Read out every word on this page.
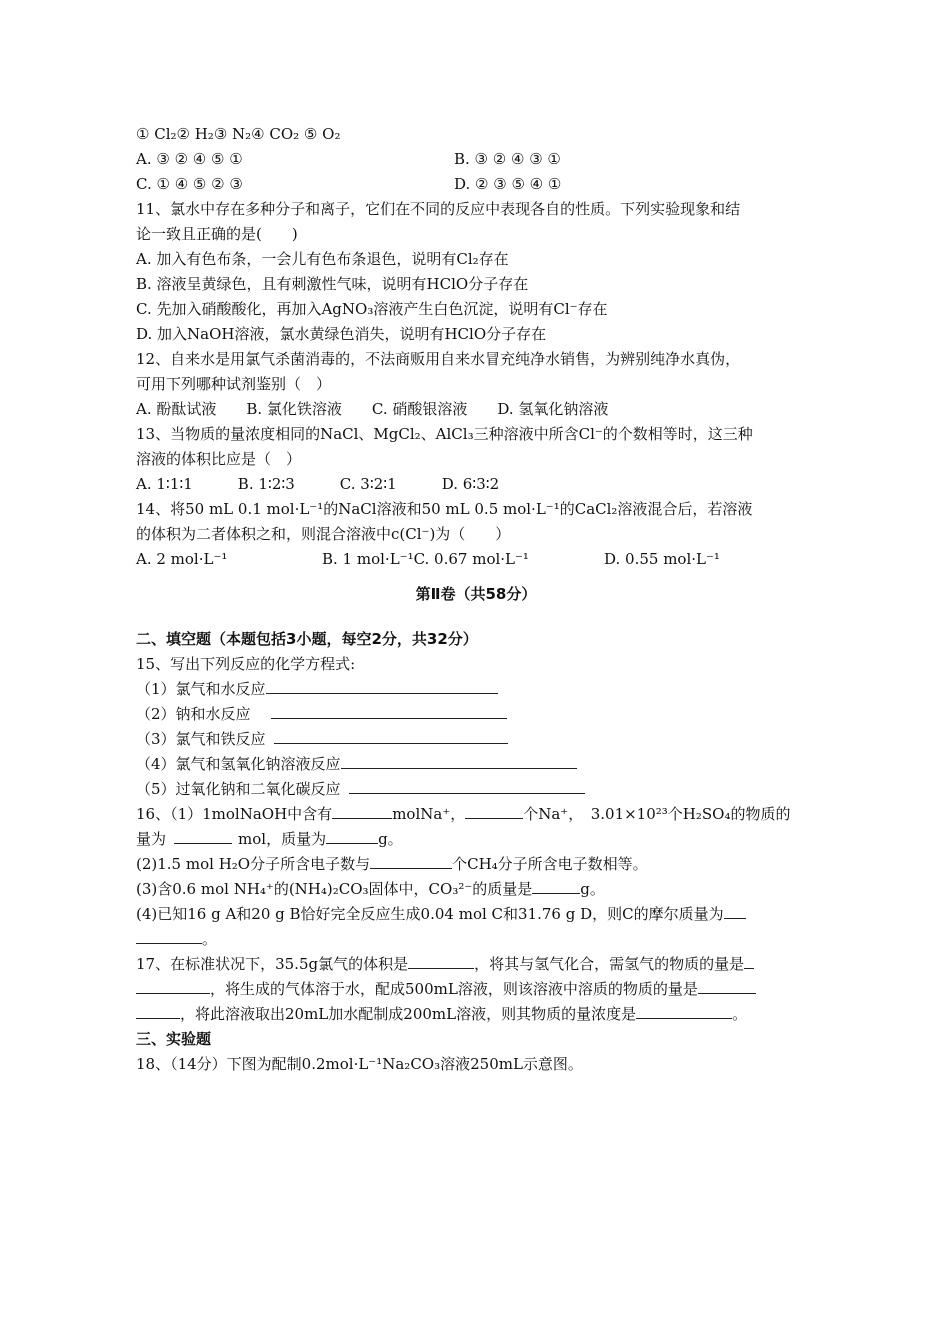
① Cl₂② H₂③ N₂④ CO₂ ⑤ O₂
A. ③ ② ④ ⑤ ①	B. ③ ② ④ ③ ①
C. ① ④ ⑤ ② ③	D. ② ③ ⑤ ④ ①
11、氯水中存在多种分子和离子，它们在不同的反应中表现各自的性质。下列实验现象和结
论一致且正确的是(　　)
A. 加入有色布条，一会儿有色布条退色，说明有Cl₂存在
B. 溶液呈黄绿色，且有刺激性气味，说明有HClO分子存在
C. 先加入硝酸酸化，再加入AgNO₃溶液产生白色沉淀，说明有Cl⁻存在
D. 加入NaOH溶液，氯水黄绿色消失，说明有HClO分子存在
12、自来水是用氯气杀菌消毒的，不法商贩用自来水冒充纯净水销售，为辨别纯净水真伪，
可用下列哪种试剂鉴别（　）
A. 酚酞试液　　B. 氯化铁溶液　　C. 硝酸银溶液　　D. 氢氧化钠溶液
13、当物质的量浓度相同的NaCl、MgCl₂、AlCl₃三种溶液中所含Cl⁻的个数相等时，这三种
溶液的体积比应是（　）
A. 1∶1∶1　　　B. 1∶2∶3　　　C. 3∶2∶1　　　D. 6∶3∶2
14、将50 mL 0.1 mol·L⁻¹的NaCl溶液和50 mL 0.5 mol·L⁻¹的CaCl₂溶液混合后，若溶液
的体积为二者体积之和，则混合溶液中c(Cl⁻)为（　　）
A. 2 mol·L⁻¹	B. 1 mol·L⁻¹C. 0.67 mol·L⁻¹	D. 0.55 mol·L⁻¹
第Ⅱ卷（共58分）
二、填空题（本题包括3小题，每空2分，共32分）
15、写出下列反应的化学方程式:
（1）氯气和水反应
（2）钠和水反应
（3）氯气和铁反应
（4）氯气和氢氧化钠溶液反应
（5）过氧化钠和二氧化碳反应
16、（1）1molNaOH中含有	molNa⁺，	个Na⁺，　3.01×10²³个H₂SO₄的物质的
量为	mol，质量为	g。
(2)1.5 mol H₂O分子所含电子数与	个CH₄分子所含电子数相等。
(3)含0.6 mol NH₄⁺的(NH₄)₂CO₃固体中，CO₃²⁻的质量是	g。
(4)已知16 g A和20 g B恰好完全反应生成0.04 mol C和31.76 g D，则C的摩尔质量为
。
17、在标准状况下，35.5g氯气的体积是	，将其与氢气化合，需氢气的物质的量是
，将生成的气体溶于水，配成500mL溶液，则该溶液中溶质的物质的量是
，将此溶液取出20mL加水配制成200mL溶液，则其物质的量浓度是	。
三、实验题
18、（14分）下图为配制0.2mol·L⁻¹Na₂CO₃溶液250mL示意图。
